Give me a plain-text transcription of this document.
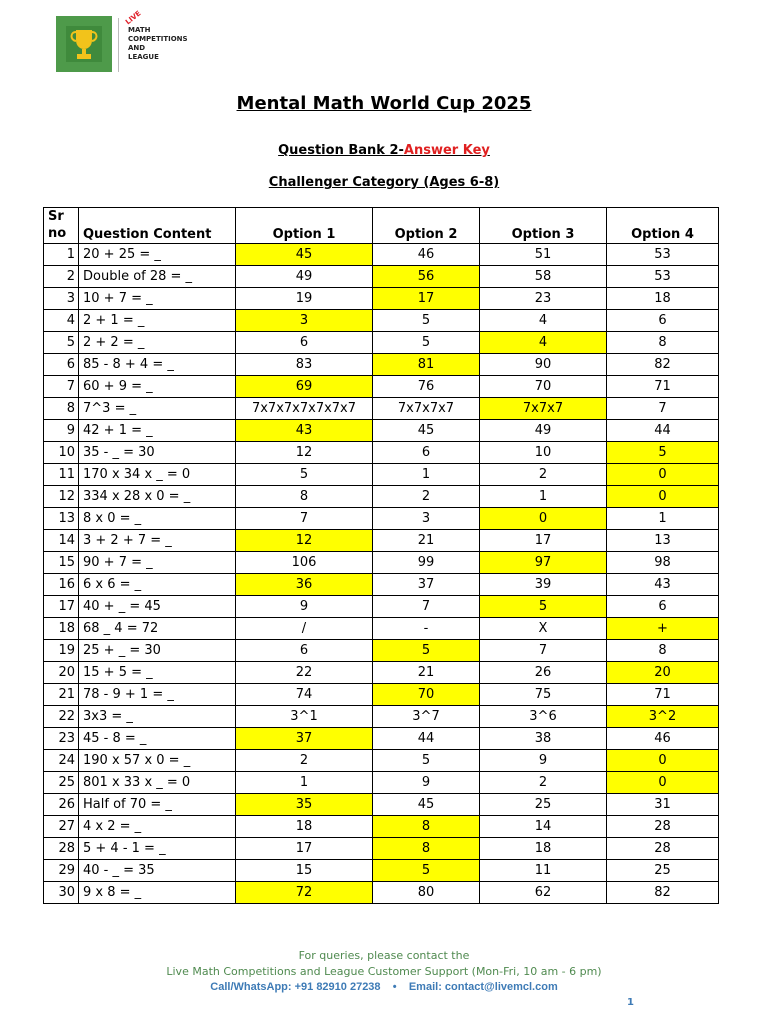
LIVE
MATH
COMPETITIONS
AND
LEAGUE
Mental Math World Cup 2025
Question Bank 2-Answer Key
Challenger Category (Ages 6-8)
Sr
no	Question Content	Option 1	Option 2	Option 3	Option 4
1	20 + 25 = _	45	46	51	53
2	Double of 28 = _	49	56	58	53
3	10 + 7 = _	19	17	23	18
4	2 + 1 = _	3	5	4	6
5	2 + 2 = _	6	5	4	8
6	85 - 8 + 4 = _	83	81	90	82
7	60 + 9 = _	69	76	70	71
8	7^3 = _	7x7x7x7x7x7x7	7x7x7x7	7x7x7	7
9	42 + 1 = _	43	45	49	44
10	35 - _ = 30	12	6	10	5
11	170 x 34 x _ = 0	5	1	2	0
12	334 x 28 x 0 = _	8	2	1	0
13	8 x 0 = _	7	3	0	1
14	3 + 2 + 7 = _	12	21	17	13
15	90 + 7 = _	106	99	97	98
16	6 x 6 = _	36	37	39	43
17	40 + _ = 45	9	7	5	6
18	68 _ 4 = 72	/	-	X	+
19	25 + _ = 30	6	5	7	8
20	15 + 5 = _	22	21	26	20
21	78 - 9 + 1 = _	74	70	75	71
22	3x3 = _	3^1	3^7	3^6	3^2
23	45 - 8 = _	37	44	38	46
24	190 x 57 x 0 = _	2	5	9	0
25	801 x 33 x _ = 0	1	9	2	0
26	Half of 70 = _	35	45	25	31
27	4 x 2 = _	18	8	14	28
28	5 + 4 - 1 = _	17	8	18	28
29	40 - _ = 35	15	5	11	25
30	9 x 8 = _	72	80	62	82
For queries, please contact the
Live Math Competitions and League Customer Support (Mon-Fri, 10 am - 6 pm)
Call/WhatsApp: +91 82910 27238    •    Email: contact@livemcl.com
1
